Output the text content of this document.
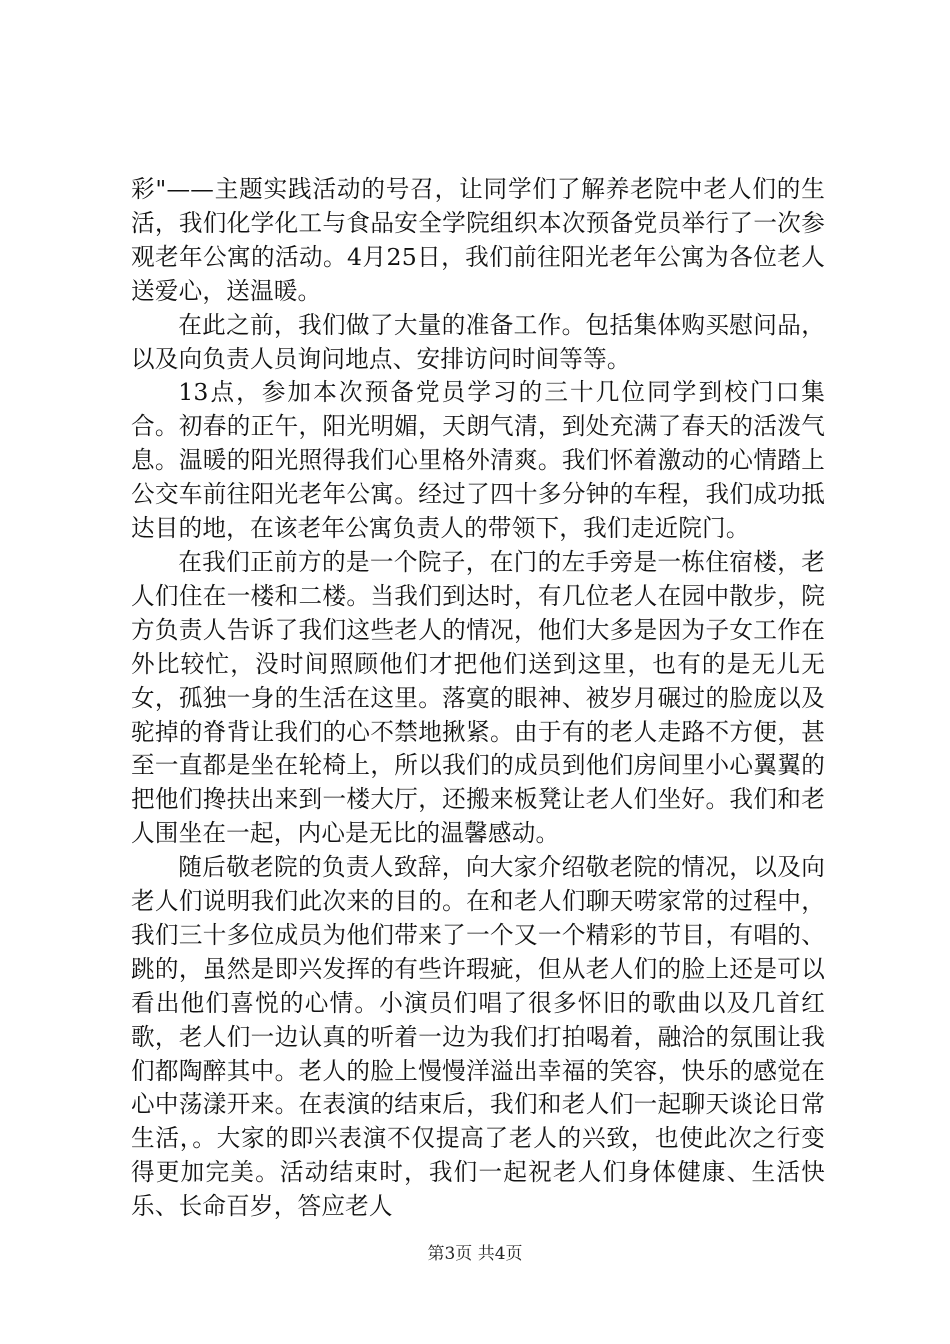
彩"——主题实践活动的号召，让同学们了解养老院中老人们的生活，我们化学化工与食品安全学院组织本次预备党员举行了一次参观老年公寓的活动。4月25日，我们前往阳光老年公寓为各位老人送爱心，送温暖。

在此之前，我们做了大量的准备工作。包括集体购买慰问品，以及向负责人员询问地点、安排访问时间等等。

13点，参加本次预备党员学习的三十几位同学到校门口集合。初春的正午，阳光明媚，天朗气清，到处充满了春天的活泼气息。温暖的阳光照得我们心里格外清爽。我们怀着激动的心情踏上公交车前往阳光老年公寓。经过了四十多分钟的车程，我们成功抵达目的地，在该老年公寓负责人的带领下，我们走近院门。

在我们正前方的是一个院子，在门的左手旁是一栋住宿楼，老人们住在一楼和二楼。当我们到达时，有几位老人在园中散步，院方负责人告诉了我们这些老人的情况，他们大多是因为子女工作在外比较忙，没时间照顾他们才把他们送到这里，也有的是无儿无女，孤独一身的生活在这里。落寞的眼神、被岁月碾过的脸庞以及驼掉的脊背让我们的心不禁地揪紧。由于有的老人走路不方便，甚至一直都是坐在轮椅上，所以我们的成员到他们房间里小心翼翼的把他们搀扶出来到一楼大厅，还搬来板凳让老人们坐好。我们和老人围坐在一起，内心是无比的温馨感动。

随后敬老院的负责人致辞，向大家介绍敬老院的情况，以及向老人们说明我们此次来的目的。在和老人们聊天唠家常的过程中，我们三十多位成员为他们带来了一个又一个精彩的节目，有唱的、跳的，虽然是即兴发挥的有些许瑕疵，但从老人们的脸上还是可以看出他们喜悦的心情。小演员们唱了很多怀旧的歌曲以及几首红歌，老人们一边认真的听着一边为我们打拍喝着，融洽的氛围让我们都陶醉其中。老人的脸上慢慢洋溢出幸福的笑容，快乐的感觉在心中荡漾开来。在表演的结束后，我们和老人们一起聊天谈论日常生活，。大家的即兴表演不仅提高了老人的兴致，也使此次之行变得更加完美。活动结束时，我们一起祝老人们身体健康、生活快乐、长命百岁，答应老人

第3页 共4页
